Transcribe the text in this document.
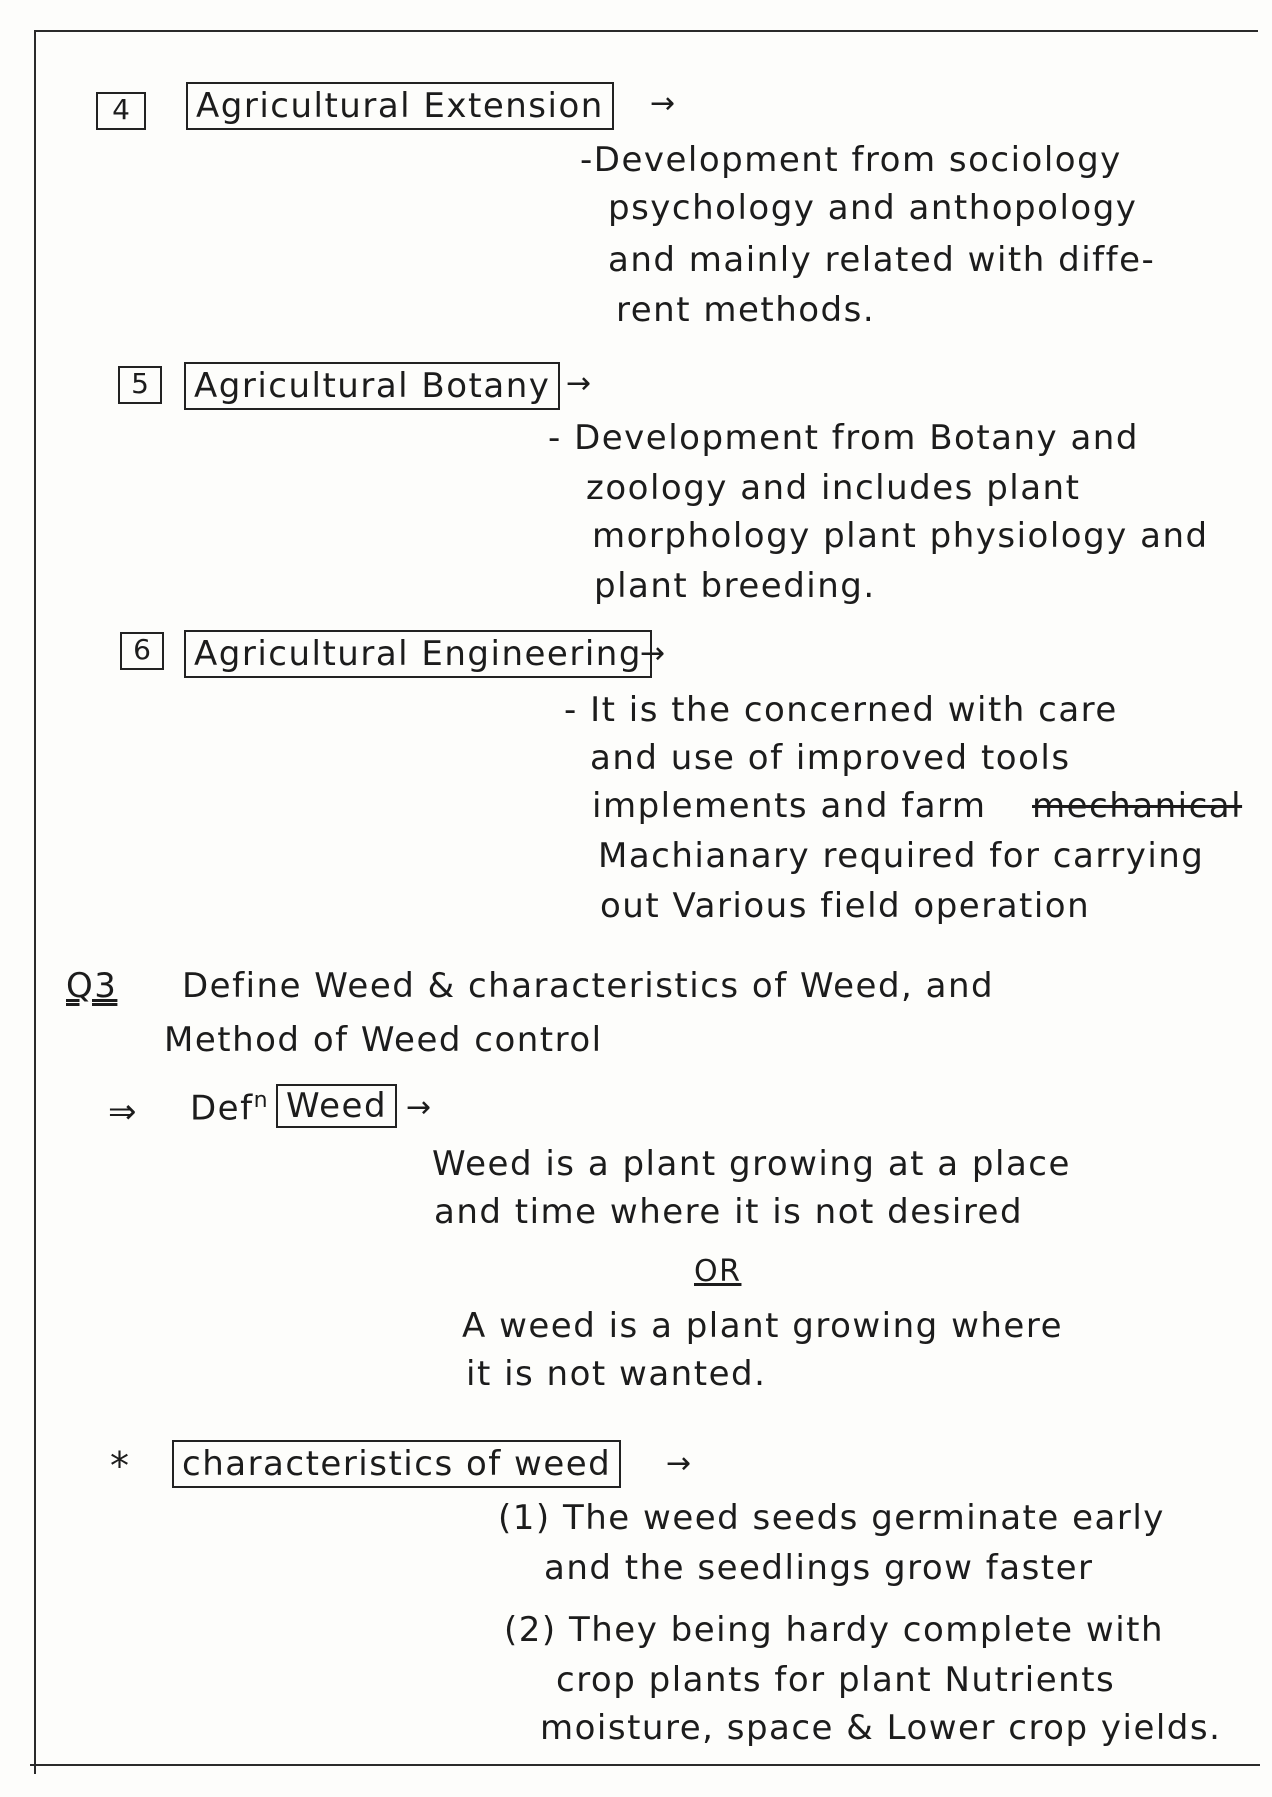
4	Agricultural Extension	→
-Development from sociology
psychology and anthopology
and mainly related with diffe-
rent methods.
5	Agricultural Botany →
- Development from Botany and
zoology and includes plant
morphology plant physiology and
plant breeding.
6	Agricultural Engineering
→
- It is the concerned with care
and use of improved tools
implements and farm mechanical
Machianary required for carrying
out Various field operation
Q3 Define Weed & characteristics of Weed, and
Method of Weed control
⇒ Def$^n$ Weed →
Weed is a plant growing at a place
and time where it is not desired
OR
A weed is a plant growing where
it is not wanted.
* characteristics of weed	→
(1) The weed seeds germinate early
and the seedlings grow faster
(2) They being hardy complete with
crop plants for plant Nutrients
moisture, space & Lower crop yields.
